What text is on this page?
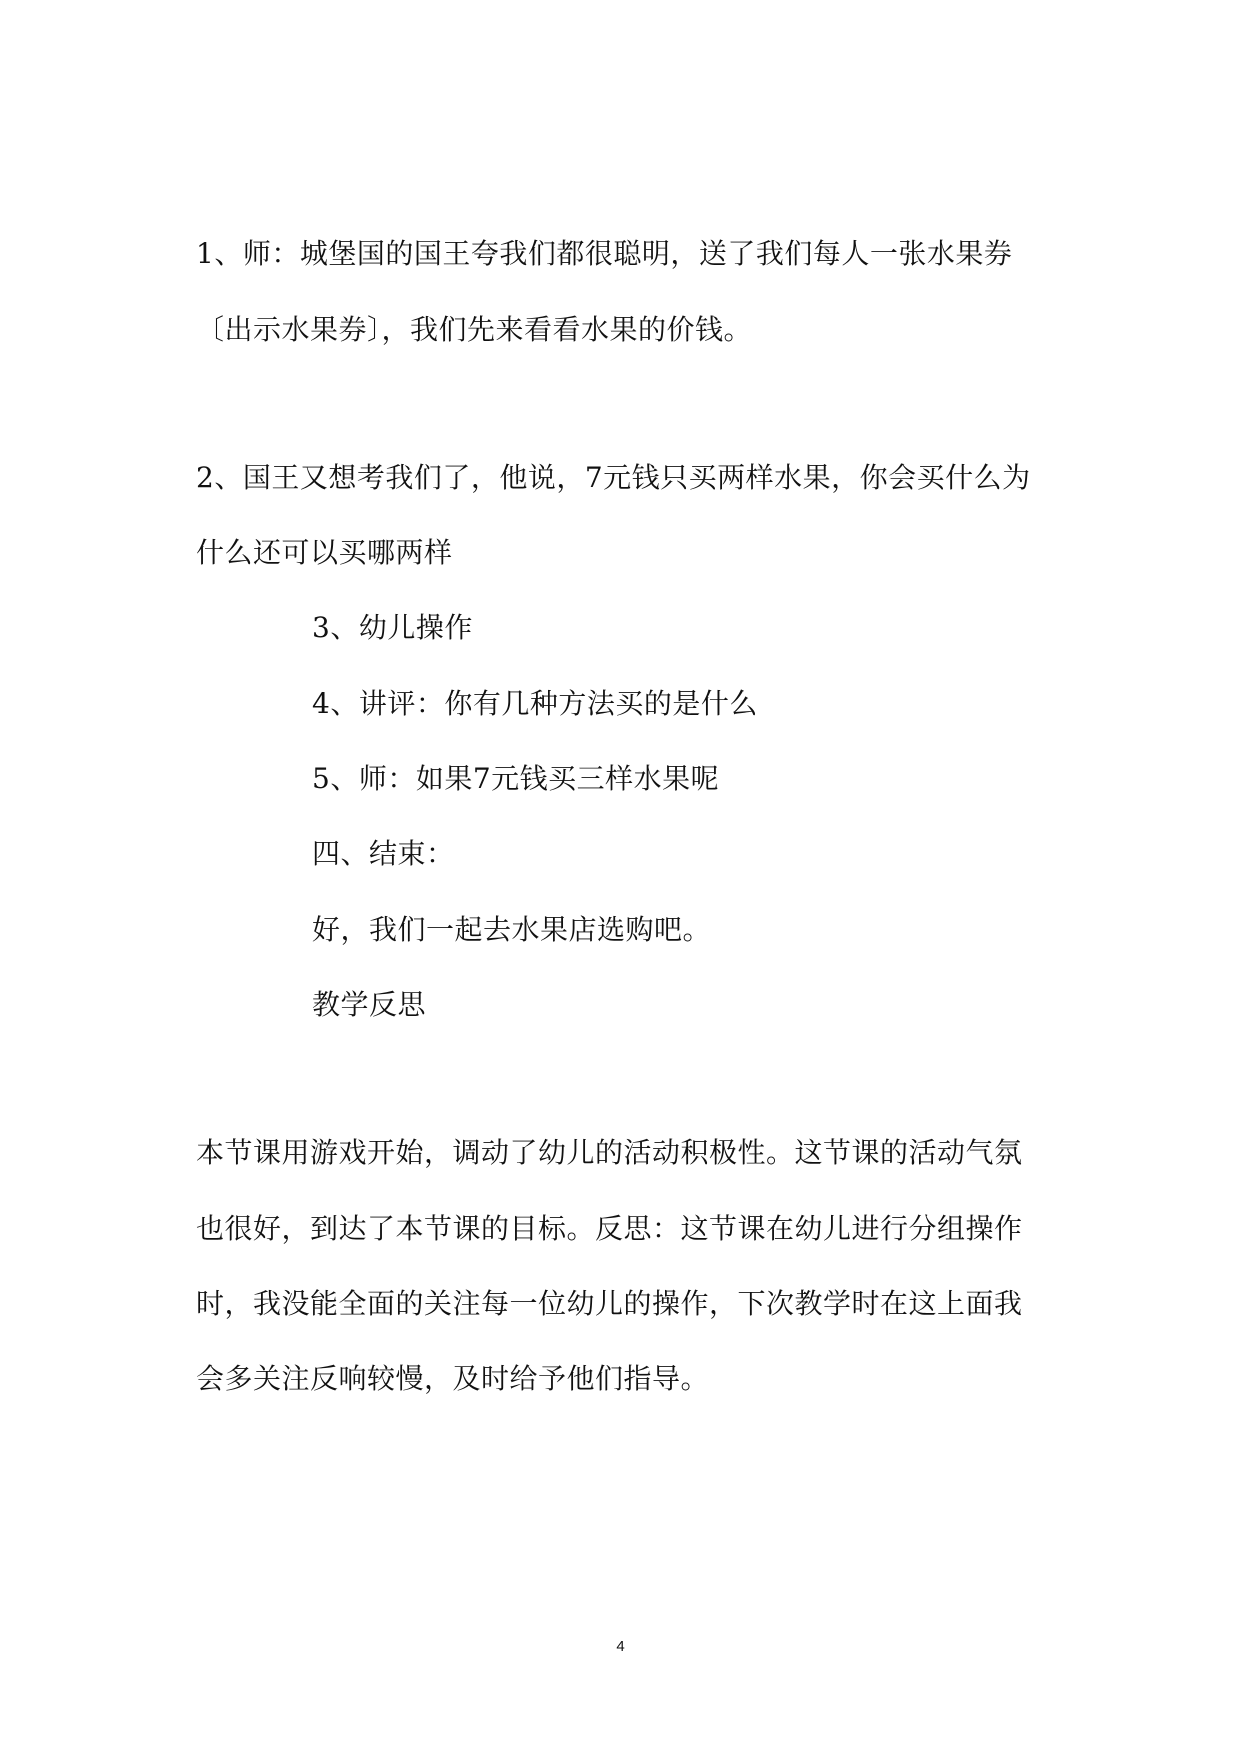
1、师：城堡国的国王夸我们都很聪明，送了我们每人一张水果券
〔出示水果券〕，我们先来看看水果的价钱。
2、国王又想考我们了，他说，7元钱只买两样水果，你会买什么为
什么还可以买哪两样
3、幼儿操作
4、讲评：你有几种方法买的是什么
5、师：如果7元钱买三样水果呢
四、结束：
好，我们一起去水果店选购吧。
教学反思
本节课用游戏开始，调动了幼儿的活动积极性。这节课的活动气氛
也很好，到达了本节课的目标。反思：这节课在幼儿进行分组操作
时，我没能全面的关注每一位幼儿的操作，下次教学时在这上面我
会多关注反响较慢，及时给予他们指导。
4
